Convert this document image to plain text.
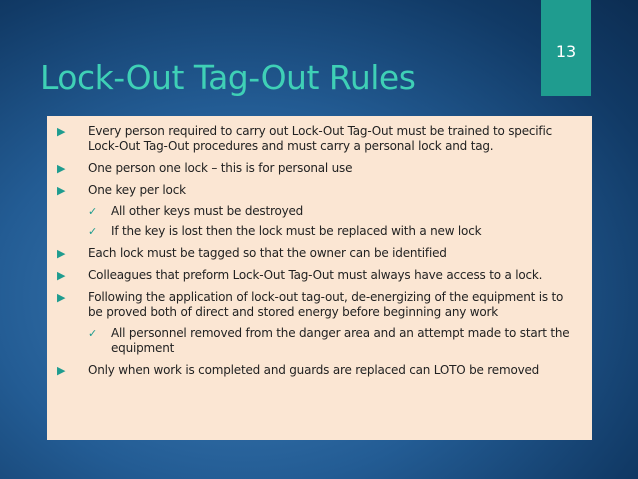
13
Lock-Out Tag-Out Rules
▶ Every person required to carry out Lock-Out Tag-Out must be trained to specific Lock-Out Tag-Out procedures and must carry a personal lock and tag.
▶ One person one lock – this is for personal use
▶ One key per lock
✓ All other keys must be destroyed
✓ If the key is lost then the lock must be replaced with a new lock
▶ Each lock must be tagged so that the owner can be identified
▶ Colleagues that preform Lock-Out Tag-Out must always have access to a lock.
▶ Following the application of lock-out tag-out, de-energizing of the equipment is to be proved both of direct and stored energy before beginning any work
✓ All personnel removed from the danger area and an attempt made to start the equipment
▶ Only when work is completed and guards are replaced can LOTO be removed
